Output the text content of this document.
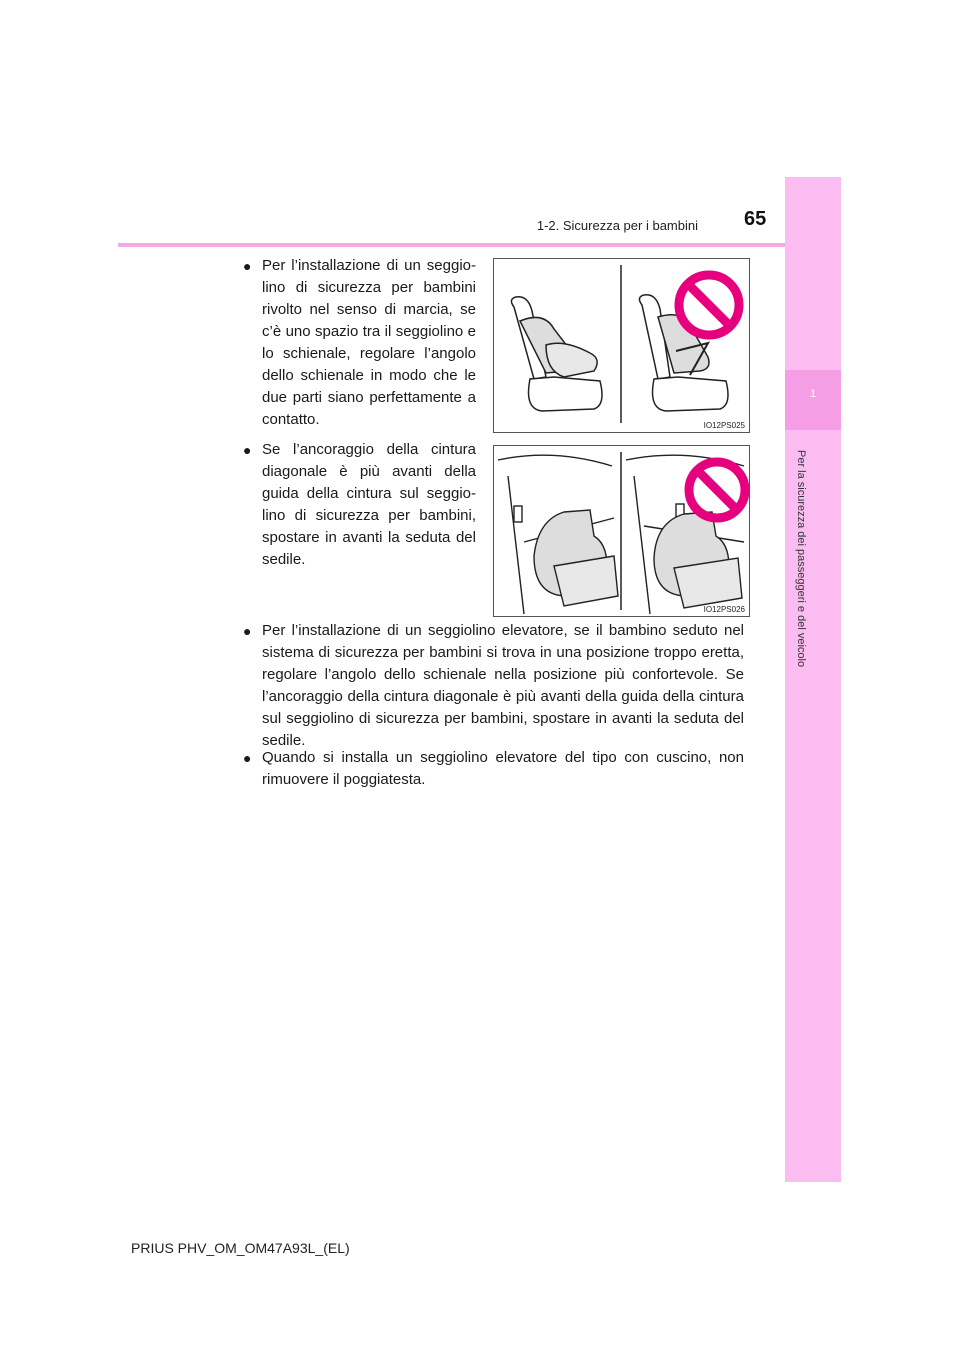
1-2. Sicurezza per i bambini 65
1
Per la sicurezza dei passeggeri e del veicolo
● Per l’installazione di un seggio-lino di sicurezza per bambini rivolto nel senso di marcia, se c’è uno spazio tra il seggiolino e lo schienale, regolare l’angolo dello schienale in modo che le due parti siano perfettamente a contatto.	IO12PS025
● Se l’ancoraggio della cintura diagonale è più avanti della guida della cintura sul seggio-lino di sicurezza per bambini, spostare in avanti la seduta del sedile.
IO12PS026
● Per l’installazione di un seggiolino elevatore, se il bambino seduto nel sistema di sicurezza per bambini si trova in una posizione troppo eretta, regolare l’angolo dello schienale nella posizione più confortevole. Se l’ancoraggio della cintura diagonale è più avanti della guida della cintura sul seggiolino di sicurezza per bambini, spostare in avanti la seduta del sedile.
● Quando si installa un seggiolino elevatore del tipo con cuscino, non rimuovere il poggiatesta.
PRIUS PHV_OM_OM47A93L_(EL)
